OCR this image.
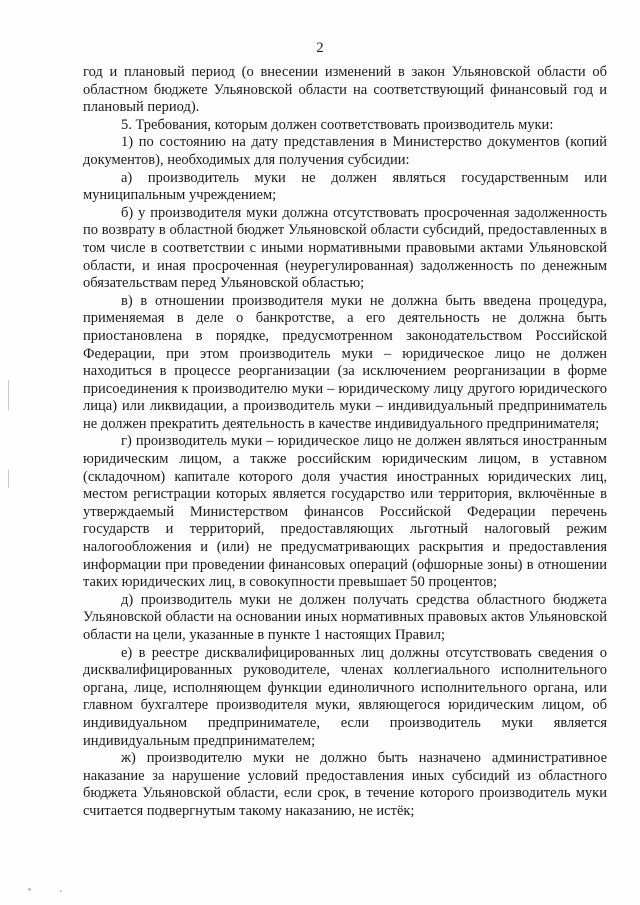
2

год и плановый период (о внесении изменений в закон Ульяновской области об областном бюджете Ульяновской области на соответствующий финансовый год и плановый период).

5. Требования, которым должен соответствовать производитель муки:

1) по состоянию на дату представления в Министерство документов (копий документов), необходимых для получения субсидии:

а) производитель муки не должен являться государственным или муниципальным учреждением;

б) у производителя муки должна отсутствовать просроченная задолженность по возврату в областной бюджет Ульяновской области субсидий, предоставленных в том числе в соответствии с иными нормативными правовыми актами Ульяновской области, и иная просроченная (неурегулированная) задолженность по денежным обязательствам перед Ульяновской областью;

в) в отношении производителя муки не должна быть введена процедура, применяемая в деле о банкротстве, а его деятельность не должна быть приостановлена в порядке, предусмотренном законодательством Российской Федерации, при этом производитель муки – юридическое лицо не должен находиться в процессе реорганизации (за исключением реорганизации в форме присоединения к производителю муки – юридическому лицу другого юридического лица) или ликвидации, а производитель муки – индивидуальный предприниматель не должен прекратить деятельность в качестве индивидуального предпринимателя;

г) производитель муки – юридическое лицо не должен являться иностранным юридическим лицом, а также российским юридическим лицом, в уставном (складочном) капитале которого доля участия иностранных юридических лиц, местом регистрации которых является государство или территория, включённые в утверждаемый Министерством финансов Российской Федерации перечень государств и территорий, предоставляющих льготный налоговый режим налогообложения и (или) не предусматривающих раскрытия и предоставления информации при проведении финансовых операций (офшорные зоны) в отношении таких юридических лиц, в совокупности превышает 50 процентов;

д) производитель муки не должен получать средства областного бюджета Ульяновской области на основании иных нормативных правовых актов Ульяновской области на цели, указанные в пункте 1 настоящих Правил;

е) в реестре дисквалифицированных лиц должны отсутствовать сведения о дисквалифицированных руководителе, членах коллегиального исполнительного органа, лице, исполняющем функции единоличного исполнительного органа, или главном бухгалтере производителя муки, являющегося юридическим лицом, об индивидуальном предпринимателе, если производитель муки является индивидуальным предпринимателем;

ж) производителю муки не должно быть назначено административное наказание за нарушение условий предоставления иных субсидий из областного бюджета Ульяновской области, если срок, в течение которого производитель муки считается подвергнутым такому наказанию, не истёк;
